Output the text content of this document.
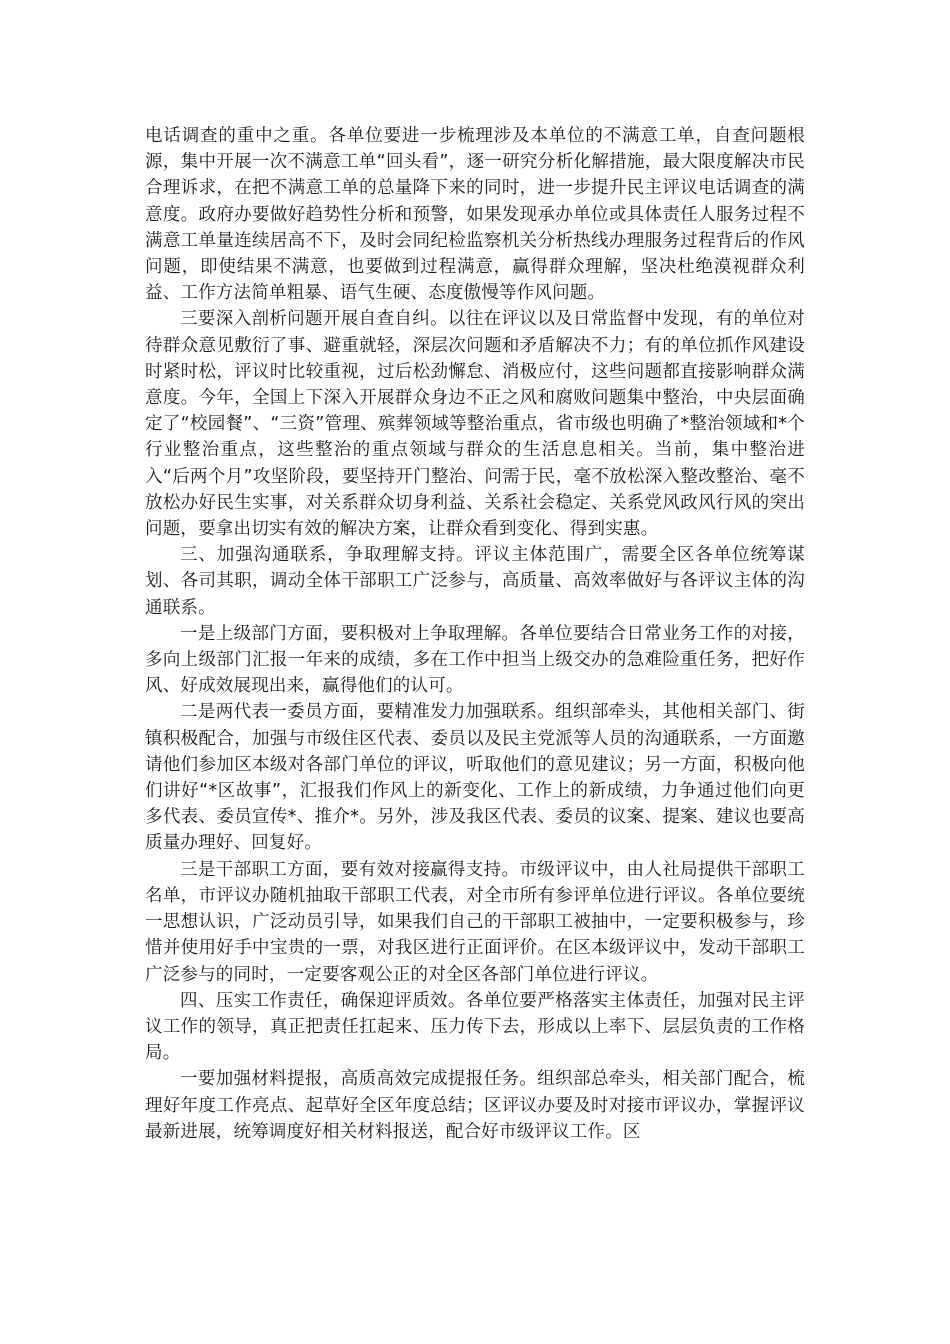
电话调查的重中之重。各单位要进一步梳理涉及本单位的不满意工单，自查问题根源，集中开展一次不满意工单“回头看”，逐一研究分析化解措施，最大限度解决市民合理诉求，在把不满意工单的总量降下来的同时，进一步提升民主评议电话调查的满意度。政府办要做好趋势性分析和预警，如果发现承办单位或具体责任人服务过程不满意工单量连续居高不下，及时会同纪检监察机关分析热线办理服务过程背后的作风问题，即使结果不满意，也要做到过程满意，赢得群众理解，坚决杜绝漠视群众利益、工作方法简单粗暴、语气生硬、态度傲慢等作风问题。

三要深入剖析问题开展自查自纠。以往在评议以及日常监督中发现，有的单位对待群众意见敷衍了事、避重就轻，深层次问题和矛盾解决不力；有的单位抓作风建设时紧时松，评议时比较重视，过后松劲懈怠、消极应付，这些问题都直接影响群众满意度。今年，全国上下深入开展群众身边不正之风和腐败问题集中整治，中央层面确定了“校园餐”、“三资”管理、殡葬领域等整治重点，省市级也明确了*整治领域和*个行业整治重点，这些整治的重点领域与群众的生活息息相关。当前，集中整治进入“后两个月”攻坚阶段，要坚持开门整治、问需于民，毫不放松深入整改整治、毫不放松办好民生实事，对关系群众切身利益、关系社会稳定、关系党风政风行风的突出问题，要拿出切实有效的解决方案，让群众看到变化、得到实惠。

三、加强沟通联系，争取理解支持。评议主体范围广，需要全区各单位统筹谋划、各司其职，调动全体干部职工广泛参与，高质量、高效率做好与各评议主体的沟通联系。

一是上级部门方面，要积极对上争取理解。各单位要结合日常业务工作的对接，多向上级部门汇报一年来的成绩，多在工作中担当上级交办的急难险重任务，把好作风、好成效展现出来，赢得他们的认可。

二是两代表一委员方面，要精准发力加强联系。组织部牵头，其他相关部门、街镇积极配合，加强与市级住区代表、委员以及民主党派等人员的沟通联系，一方面邀请他们参加区本级对各部门单位的评议，听取他们的意见建议；另一方面，积极向他们讲好“*区故事”，汇报我们作风上的新变化、工作上的新成绩，力争通过他们向更多代表、委员宣传*、推介*。另外，涉及我区代表、委员的议案、提案、建议也要高质量办理好、回复好。

三是干部职工方面，要有效对接赢得支持。市级评议中，由人社局提供干部职工名单，市评议办随机抽取干部职工代表，对全市所有参评单位进行评议。各单位要统一思想认识，广泛动员引导，如果我们自己的干部职工被抽中，一定要积极参与，珍惜并使用好手中宝贵的一票，对我区进行正面评价。在区本级评议中，发动干部职工广泛参与的同时，一定要客观公正的对全区各部门单位进行评议。

四、压实工作责任，确保迎评质效。各单位要严格落实主体责任，加强对民主评议工作的领导，真正把责任扛起来、压力传下去，形成以上率下、层层负责的工作格局。

一要加强材料提报，高质高效完成提报任务。组织部总牵头，相关部门配合，梳理好年度工作亮点、起草好全区年度总结；区评议办要及时对接市评议办，掌握评议最新进展，统筹调度好相关材料报送，配合好市级评议工作。区
